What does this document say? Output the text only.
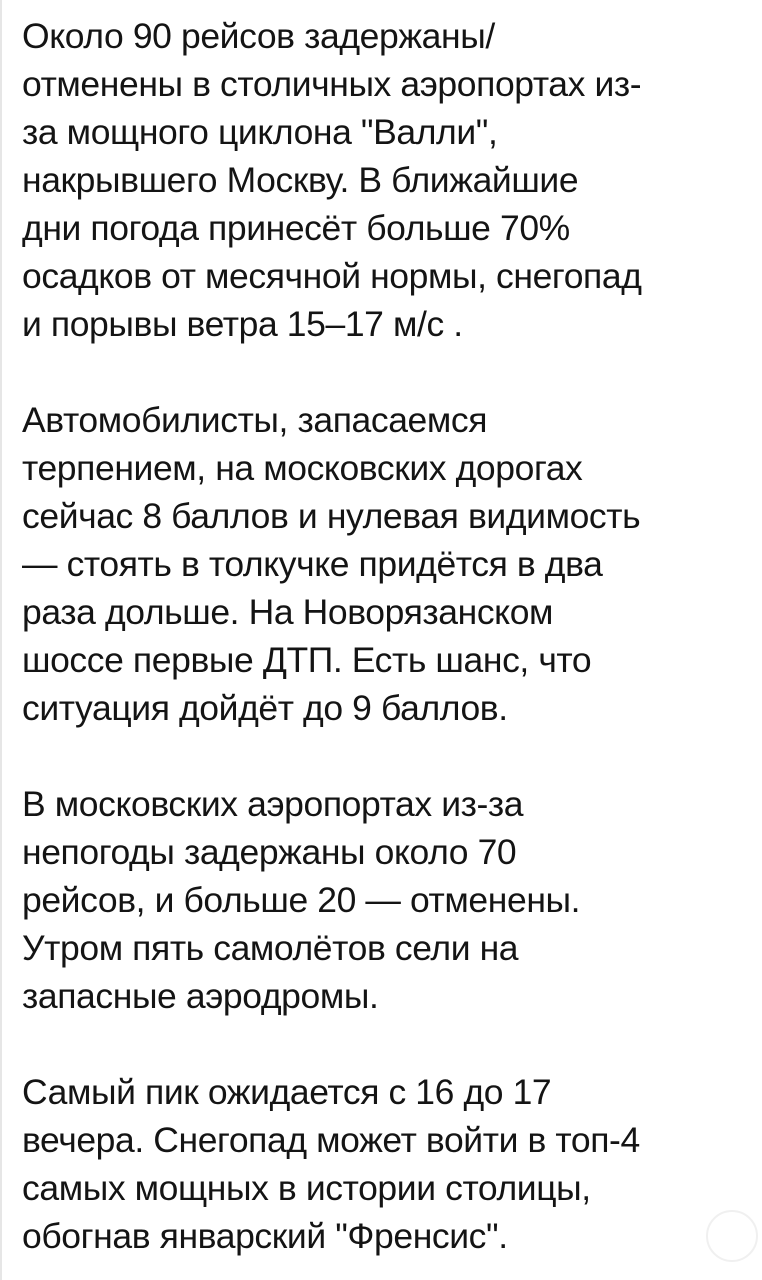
Около 90 рейсов задержаны/
отменены в столичных аэропортах из-
за мощного циклона "Валли",
накрывшего Москву. В ближайшие
дни погода принесёт больше 70%
осадков от месячной нормы, снегопад
и порывы ветра 15–17 м/с .

Автомобилисты, запасаемся
терпением, на московских дорогах
сейчас 8 баллов и нулевая видимость
— стоять в толкучке придётся в два
раза дольше. На Новорязанском
шоссе первые ДТП. Есть шанс, что
ситуация дойдёт до 9 баллов.

В московских аэропортах из-за
непогоды задержаны около 70
рейсов, и больше 20 — отменены.
Утром пять самолётов сели на
запасные аэродромы.

Самый пик ожидается с 16 до 17
вечера. Снегопад может войти в топ-4
самых мощных в истории столицы,
обогнав январский "Френсис".
